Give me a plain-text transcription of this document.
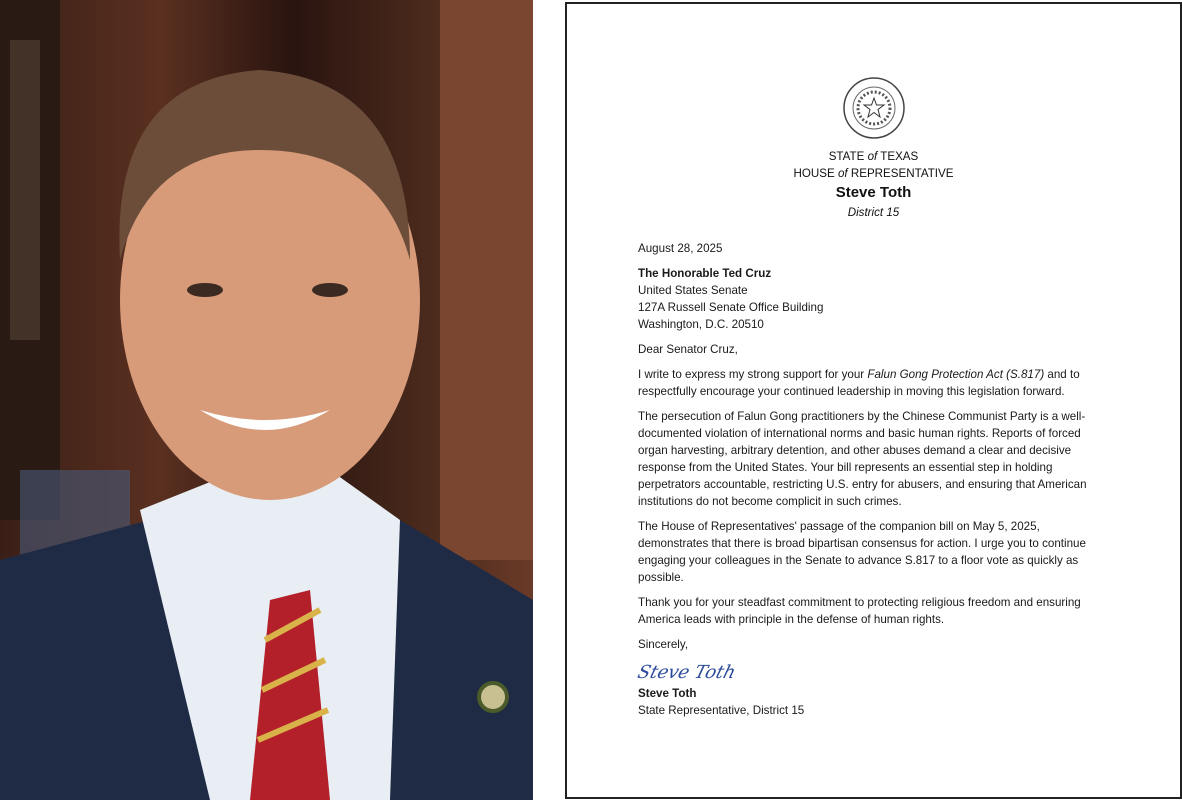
STATE of TEXAS
HOUSE of REPRESENTATIVE
Steve Toth
District 15

August 28, 2025

The Honorable Ted Cruz
United States Senate
127A Russell Senate Office Building
Washington, D.C. 20510

Dear Senator Cruz,

I write to express my strong support for your Falun Gong Protection Act (S.817) and to respectfully encourage your continued leadership in moving this legislation forward.

The persecution of Falun Gong practitioners by the Chinese Communist Party is a well-documented violation of international norms and basic human rights. Reports of forced organ harvesting, arbitrary detention, and other abuses demand a clear and decisive response from the United States. Your bill represents an essential step in holding perpetrators accountable, restricting U.S. entry for abusers, and ensuring that American institutions do not become complicit in such crimes.

The House of Representatives' passage of the companion bill on May 5, 2025, demonstrates that there is broad bipartisan consensus for action. I urge you to continue engaging your colleagues in the Senate to advance S.817 to a floor vote as quickly as possible.

Thank you for your steadfast commitment to protecting religious freedom and ensuring America leads with principle in the defense of human rights.

Sincerely,

Steve Toth
Steve Toth
State Representative, District 15
